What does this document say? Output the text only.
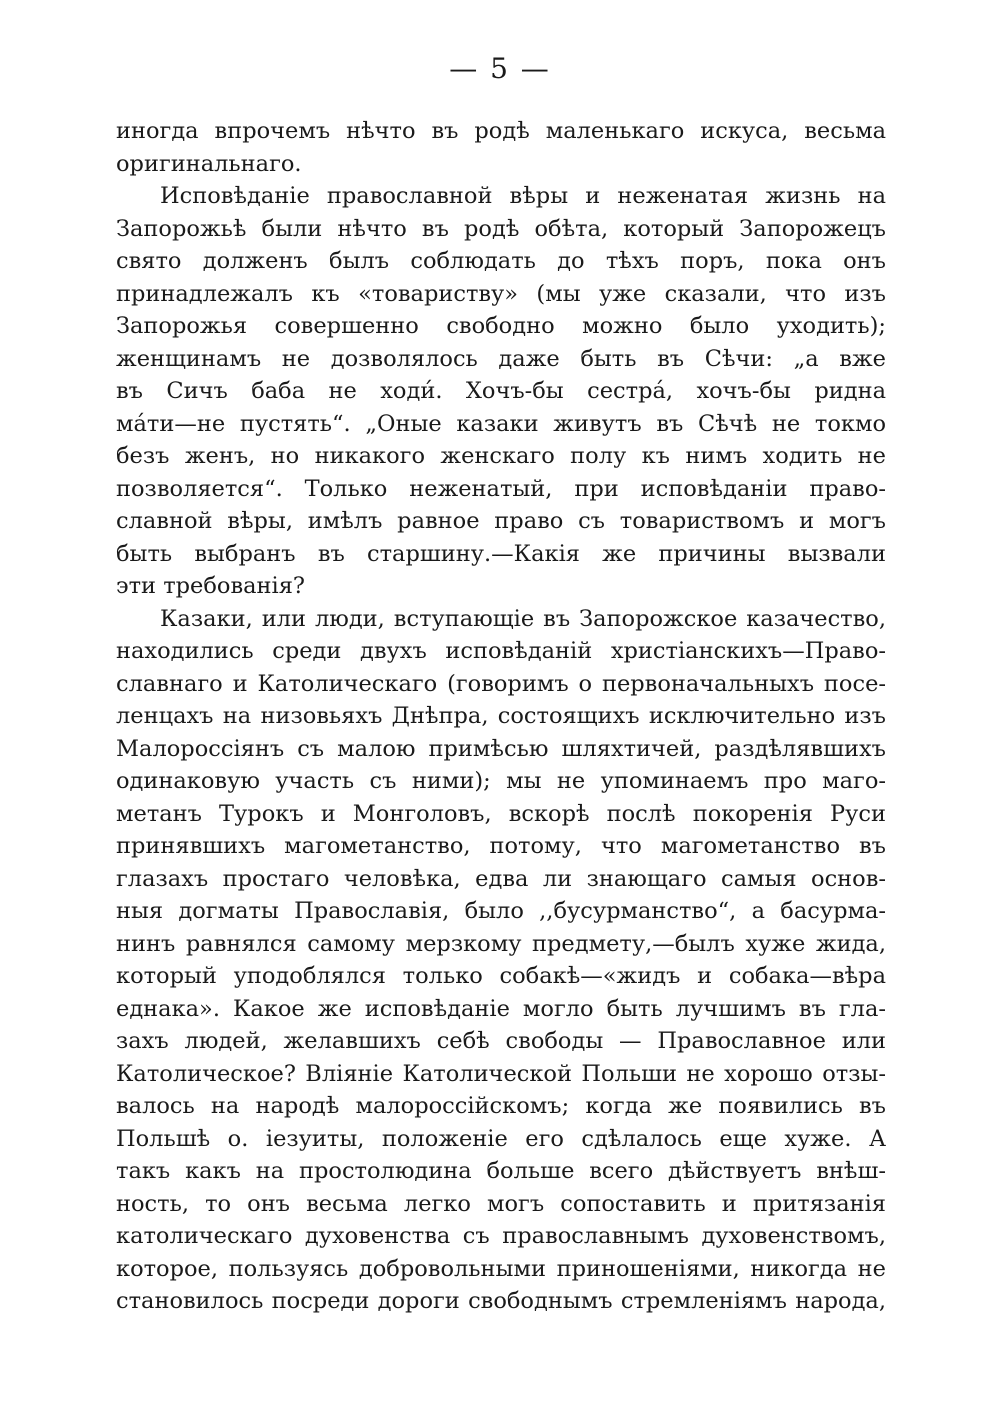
— 5 —
иногда впрочемъ нѣчто въ родѣ маленькаго искуса, весьма
оригинальнаго.
Исповѣданіе православной вѣры и неженатая жизнь на
Запорожьѣ были нѣчто въ родѣ обѣта, который Запорожецъ
свято долженъ былъ соблюдать до тѣхъ поръ, пока онъ
принадлежалъ къ «товариству» (мы уже сказали, что изъ
Запорожья совершенно свободно можно было уходить);
женщинамъ не дозволялось даже быть въ Сѣчи: „а вже
въ Сичъ баба не ходи́. Хочъ-бы сестра́, хочъ-бы ридна
ма́ти—не пустять“. „Оные казаки живутъ въ Сѣчѣ не токмо
безъ женъ, но никакого женскаго полу къ нимъ ходить не
позволяется“. Только неженатый, при исповѣданіи право-
славной вѣры, имѣлъ равное право съ товариствомъ и могъ
быть выбранъ въ старшину.—Какія же причины вызвали
эти требованія?
Казаки, или люди, вступающіе въ Запорожское казачество,
находились среди двухъ исповѣданій христіанскихъ—Право-
славнаго и Католическаго (говоримъ о первоначальныхъ посе-
ленцахъ на низовьяхъ Днѣпра, состоящихъ исключительно изъ
Малороссіянъ съ малою примѣсью шляхтичей, раздѣлявшихъ
одинаковую участь съ ними); мы не упоминаемъ про маго-
метанъ Турокъ и Монголовъ, вскорѣ послѣ покоренія Руси
принявшихъ магометанство, потому, что магометанство въ
глазахъ простаго человѣка, едва ли знающаго самыя основ-
ныя догматы Православія, было ,,бусурманство“, а басурма-
нинъ равнялся самому мерзкому предмету,—былъ хуже жида,
который уподоблялся только собакѣ—«жидъ и собака—вѣра
еднака». Какое же исповѣданіе могло быть лучшимъ въ гла-
захъ людей, желавшихъ себѣ свободы — Православное или
Католическое? Вліяніе Католической Польши не хорошо отзы-
валось на народѣ малороссійскомъ; когда же появились въ
Польшѣ о. іезуиты, положеніе его сдѣлалось еще хуже. А
такъ какъ на простолюдина больше всего дѣйствуетъ внѣш-
ность, то онъ весьма легко могъ сопоставить и притязанія
католическаго духовенства съ православнымъ духовенствомъ,
которое, пользуясь добровольными приношеніями, никогда не
становилось посреди дороги свободнымъ стремленіямъ народа,
